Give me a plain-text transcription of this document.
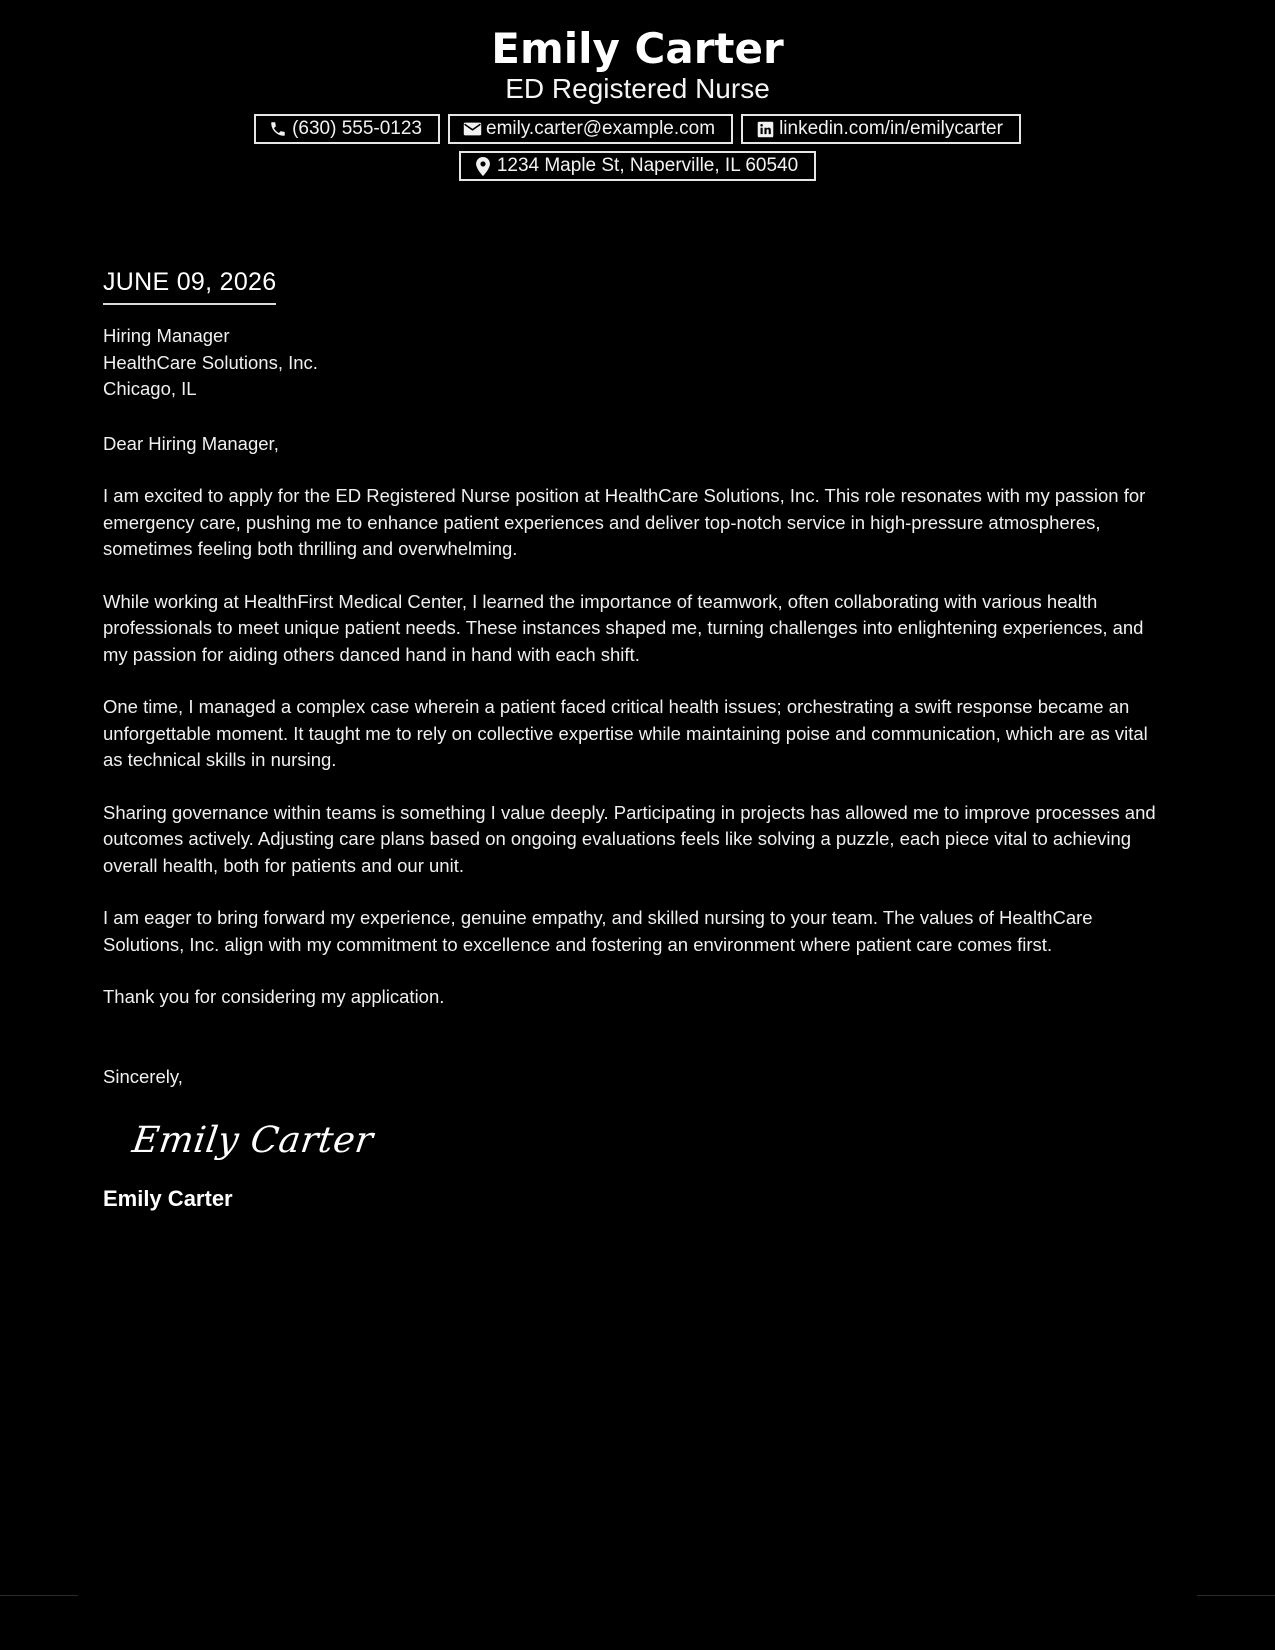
Emily Carter
ED Registered Nurse
(630) 555-0123	emily.carter@example.com	linkedin.com/in/emilycarter
1234 Maple St, Naperville, IL 60540
JUNE 09, 2026
Hiring Manager
HealthCare Solutions, Inc.
Chicago, IL
Dear Hiring Manager,
I am excited to apply for the ED Registered Nurse position at HealthCare Solutions, Inc. This role resonates with my passion for emergency care, pushing me to enhance patient experiences and deliver top-notch service in high-pressure atmospheres, sometimes feeling both thrilling and overwhelming.
While working at HealthFirst Medical Center, I learned the importance of teamwork, often collaborating with various health professionals to meet unique patient needs. These instances shaped me, turning challenges into enlightening experiences, and my passion for aiding others danced hand in hand with each shift.
One time, I managed a complex case wherein a patient faced critical health issues; orchestrating a swift response became an unforgettable moment. It taught me to rely on collective expertise while maintaining poise and communication, which are as vital as technical skills in nursing.
Sharing governance within teams is something I value deeply. Participating in projects has allowed me to improve processes and outcomes actively. Adjusting care plans based on ongoing evaluations feels like solving a puzzle, each piece vital to achieving overall health, both for patients and our unit.
I am eager to bring forward my experience, genuine empathy, and skilled nursing to your team. The values of HealthCare Solutions, Inc. align with my commitment to excellence and fostering an environment where patient care comes first.
Thank you for considering my application.
Sincerely,
Emily Carter
Emily Carter
